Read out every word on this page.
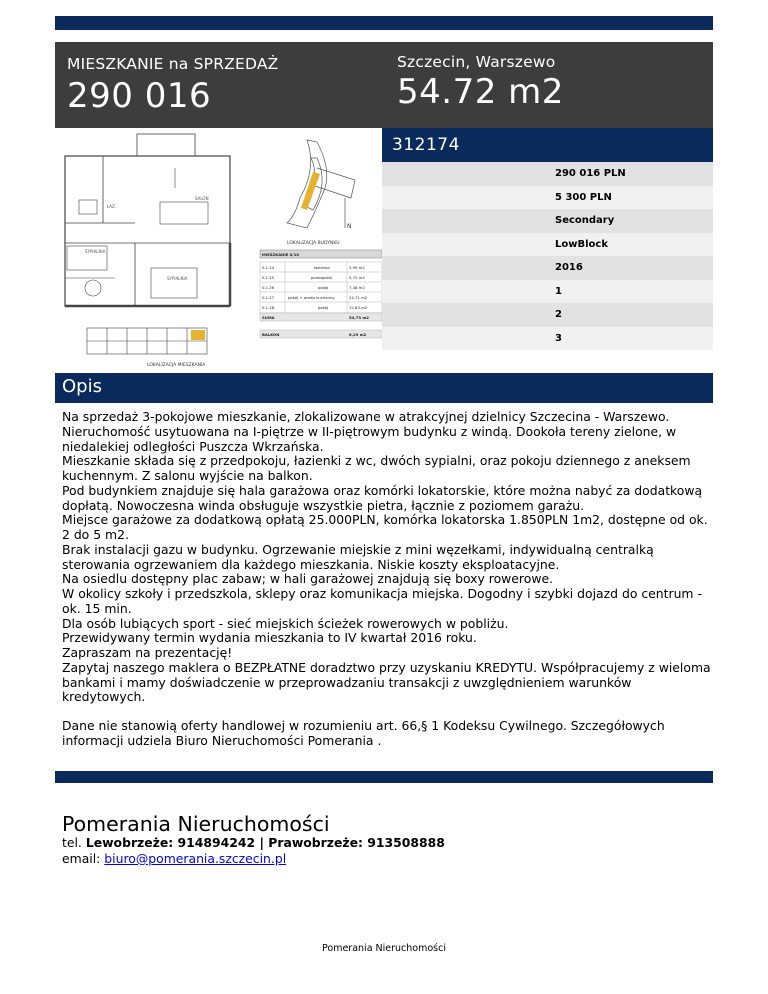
MIESZKANIE na SPRZEDAŻ
290 016
Szczecin, Warszewo
54.72 m2
SALON
SYPIALNIA
ŁAZ.
SYPIALNIA
N
LOKALIZACJA BUDYNKU
MIESZKANIE 0/10
0.1.24	łazienka	3,99 m2
0.1.25	przedpokój	5,72 m2
0.1.26	pokój	7,48 m2
0.1.27	pokój + aneks kuchenny	24,71 m2
0.1.28	pokój	12,83 m2
SUMA	54,73 m2
BALKON	6,29 m2
LOKALIZACJA MIESZKANIA
312174
290 016 PLN
5 300 PLN
Secondary
LowBlock
2016
1
2
3
Opis

Na sprzedaż 3-pokojowe mieszkanie, zlokalizowane w atrakcyjnej dzielnicy Szczecina - Warszewo.

Nieruchomość usytuowana na I-piętrze w II-piętrowym budynku z windą. Dookoła tereny zielone, w niedalekiej odległości Puszcza Wkrzańska.

Mieszkanie składa się z przedpokoju, łazienki z wc, dwóch sypialni, oraz pokoju dziennego z aneksem kuchennym. Z salonu wyjście na balkon.

Pod budynkiem znajduje się hala garażowa oraz komórki lokatorskie, które można nabyć za dodatkową dopłatą. Nowoczesna winda obsługuje wszystkie pietra, łącznie z poziomem garażu.

Miejsce garażowe za dodatkową opłatą 25.000PLN, komórka lokatorska 1.850PLN 1m2, dostępne od ok. 2 do 5 m2.

Brak instalacji gazu w budynku. Ogrzewanie miejskie z mini węzełkami, indywidualną centralką sterowania ogrzewaniem dla każdego mieszkania. Niskie koszty eksploatacyjne.

Na osiedlu dostępny plac zabaw; w hali garażowej znajdują się boxy rowerowe.

W okolicy szkoły i przedszkola, sklepy oraz komunikacja miejska. Dogodny i szybki dojazd do centrum - ok. 15 min.

Dla osób lubiących sport - sieć miejskich ścieżek rowerowych w pobliżu.

Przewidywany termin wydania mieszkania to IV kwartał 2016 roku.

Zapraszam na prezentację!

Zapytaj naszego maklera o BEZPŁATNE doradztwo przy uzyskaniu KREDYTU. Współpracujemy z wieloma bankami i mamy doświadczenie w przeprowadzaniu transakcji z uwzględnieniem warunków kredytowych.

Dane nie stanowią oferty handlowej w rozumieniu art. 66,§ 1 Kodeksu Cywilnego. Szczegółowych informacji udziela Biuro Nieruchomości Pomerania .

Pomerania Nieruchomości
tel. Lewobrzeże: 914894242 | Prawobrzeże: 913508888
email: biuro@pomerania.szczecin.pl
Pomerania Nieruchomości
